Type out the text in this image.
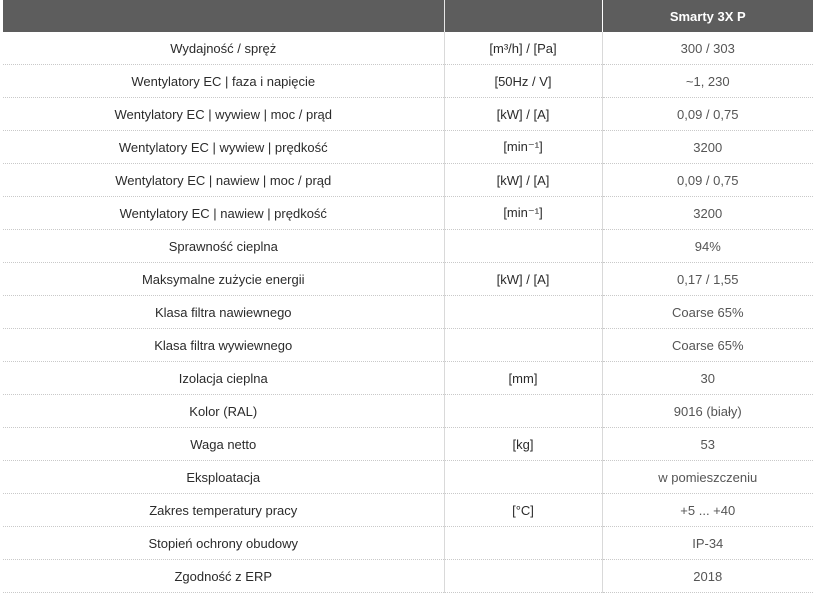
		Smarty 3X P
Wydajność / spręż	[m³/h] / [Pa]	300 / 303
Wentylatory EC | faza i napięcie	[50Hz / V]	~1, 230
Wentylatory EC | wywiew | moc / prąd	[kW] / [A]	0,09 / 0,75
Wentylatory EC | wywiew | prędkość	[min⁻¹]	3200
Wentylatory EC | nawiew | moc / prąd	[kW] / [A]	0,09 / 0,75
Wentylatory EC | nawiew | prędkość	[min⁻¹]	3200
Sprawność cieplna		94%
Maksymalne zużycie energii	[kW] / [A]	0,17 / 1,55
Klasa filtra nawiewnego		Coarse 65%
Klasa filtra wywiewnego		Coarse 65%
Izolacja cieplna	[mm]	30
Kolor (RAL)		9016 (biały)
Waga netto	[kg]	53
Eksploatacja		w pomieszczeniu
Zakres temperatury pracy	[°C]	+5 ... +40
Stopień ochrony obudowy		IP-34
Zgodność z ERP		2018
